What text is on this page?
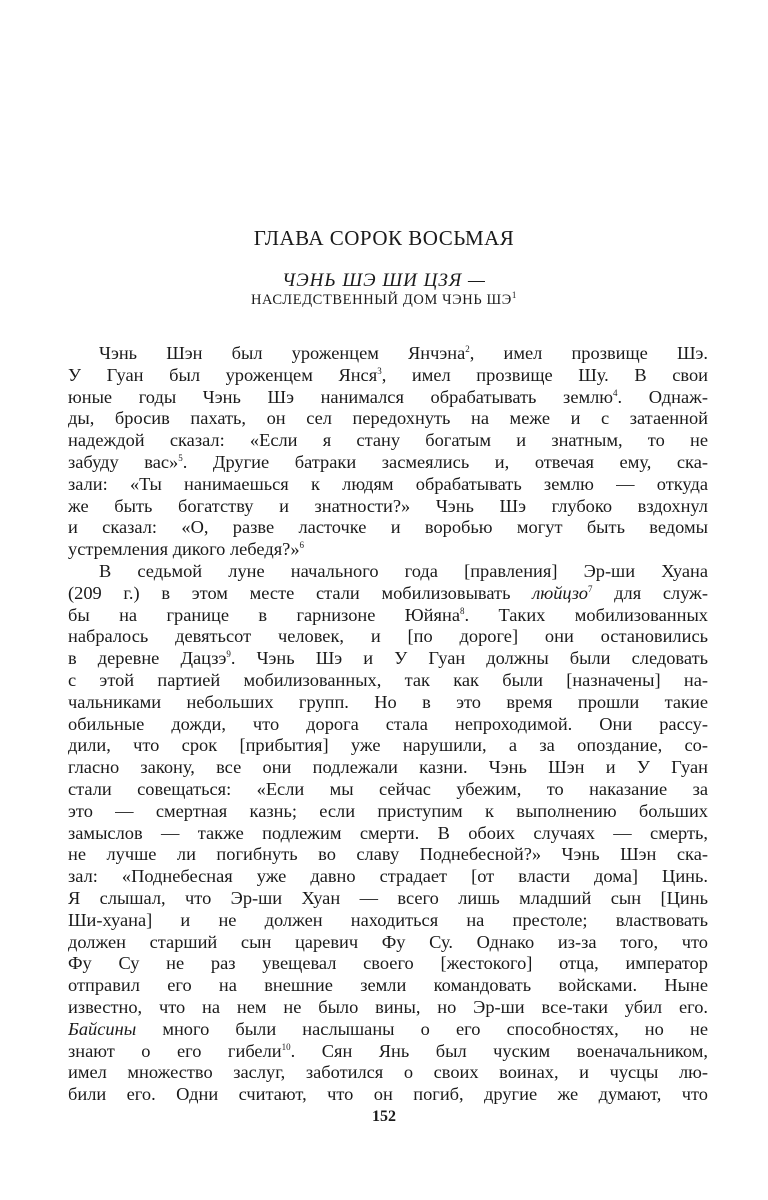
ГЛАВА СОРОК ВОСЬМАЯ
ЧЭНЬ ШЭ ШИ ЦЗЯ —
НАСЛЕДСТВЕННЫЙ ДОМ ЧЭНЬ $ШЭ^1$
Чэнь Шэн был уроженцем Янчэна$^2$, имел прозвище Шэ.
У Гуан был уроженцем Янся$^3$, имел прозвище Шу. В свои
юные годы Чэнь Шэ нанимался обрабатывать землю$^4$. Однаж-
ды, бросив пахать, он сел передохнуть на меже и с затаенной
надеждой сказал: «Если я стану богатым и знатным, то не
забуду вас»$^5$. Другие батраки засмеялись и, отвечая ему, ска-
зали: «Ты нанимаешься к людям обрабатывать землю — откуда
же быть богатству и знатности?» Чэнь Шэ глубоко вздохнул
и сказал: «О, разве ласточке и воробью могут быть ведомы
устремления дикого лебедя?»$^6$
В седьмой луне начального года [правления] Эр-ши Хуана
(209 г.) в этом месте стали мобилизовывать люйцзо$^7$ для служ-
бы на границе в гарнизоне Юйяна$^8$. Таких мобилизованных
набралось девятьсот человек, и [по дороге] они остановились
в деревне Дацзэ$^9$. Чэнь Шэ и У Гуан должны были следовать
с этой партией мобилизованных, так как были [назначены] на-
чальниками небольших групп. Но в это время прошли такие
обильные дожди, что дорога стала непроходимой. Они рассу-
дили, что срок [прибытия] уже нарушили, а за опоздание, со-
гласно закону, все они подлежали казни. Чэнь Шэн и У Гуан
стали совещаться: «Если мы сейчас убежим, то наказание за
это — смертная казнь; если приступим к выполнению больших
замыслов — также подлежим смерти. В обоих случаях — смерть,
не лучше ли погибнуть во славу Поднебесной?» Чэнь Шэн ска-
зал: «Поднебесная уже давно страдает [от власти дома] Цинь.
Я слышал, что Эр-ши Хуан — всего лишь младший сын [Цинь
Ши-хуана] и не должен находиться на престоле; властвовать
должен старший сын царевич Фу Су. Однако из-за того, что
Фу Су не раз увещевал своего [жестокого] отца, император
отправил его на внешние земли командовать войсками. Ныне
известно, что на нем не было вины, но Эр-ши все-таки убил его.
Байсины много были наслышаны о его способностях, но не
знают о его гибели$^{10}$. Сян Янь был чуским военачальником,
имел множество заслуг, заботился о своих воинах, и чусцы лю-
били его. Одни считают, что он погиб, другие же думают, что
152
